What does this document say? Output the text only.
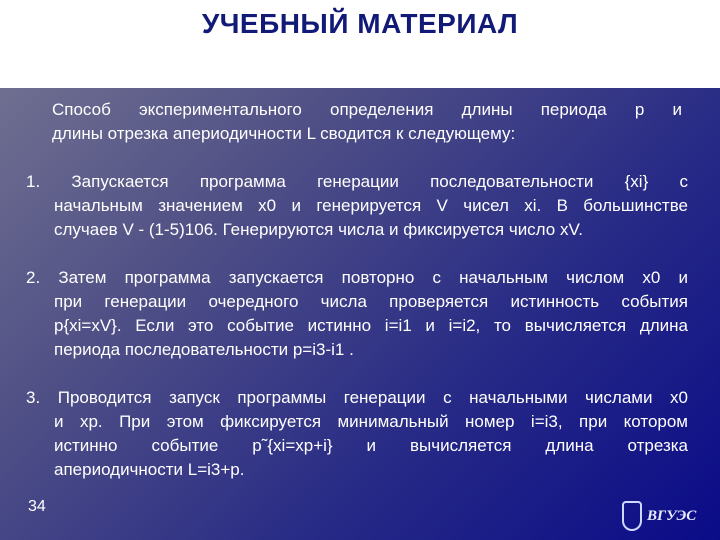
УЧЕБНЫЙ МАТЕРИАЛ
Способ экспериментального определения длины периода p и
длины отрезка апериодичности L сводится к следующему:
1. Запускается программа генерации последовательности {xi} с
начальным значением x0 и генерируется V чисел xi. В большинстве
случаев V - (1-5)106. Генерируются числа и фиксируется число xV.
2. Затем программа запускается повторно с начальным числом x0 и
при генерации очередного числа проверяется истинность события
p{xi=xV}. Если это событие истинно i=i1 и i=i2, то вычисляется длина
периода последовательности p=i3-i1 .
3. Проводится запуск программы генерации с начальными числами x0
и xp. При этом фиксируется минимальный номер i=i3, при котором
истинно событие p˜{xi=xp+i} и вычисляется длина отрезка
апериодичности L=i3+p.
34
ВГУЭС
